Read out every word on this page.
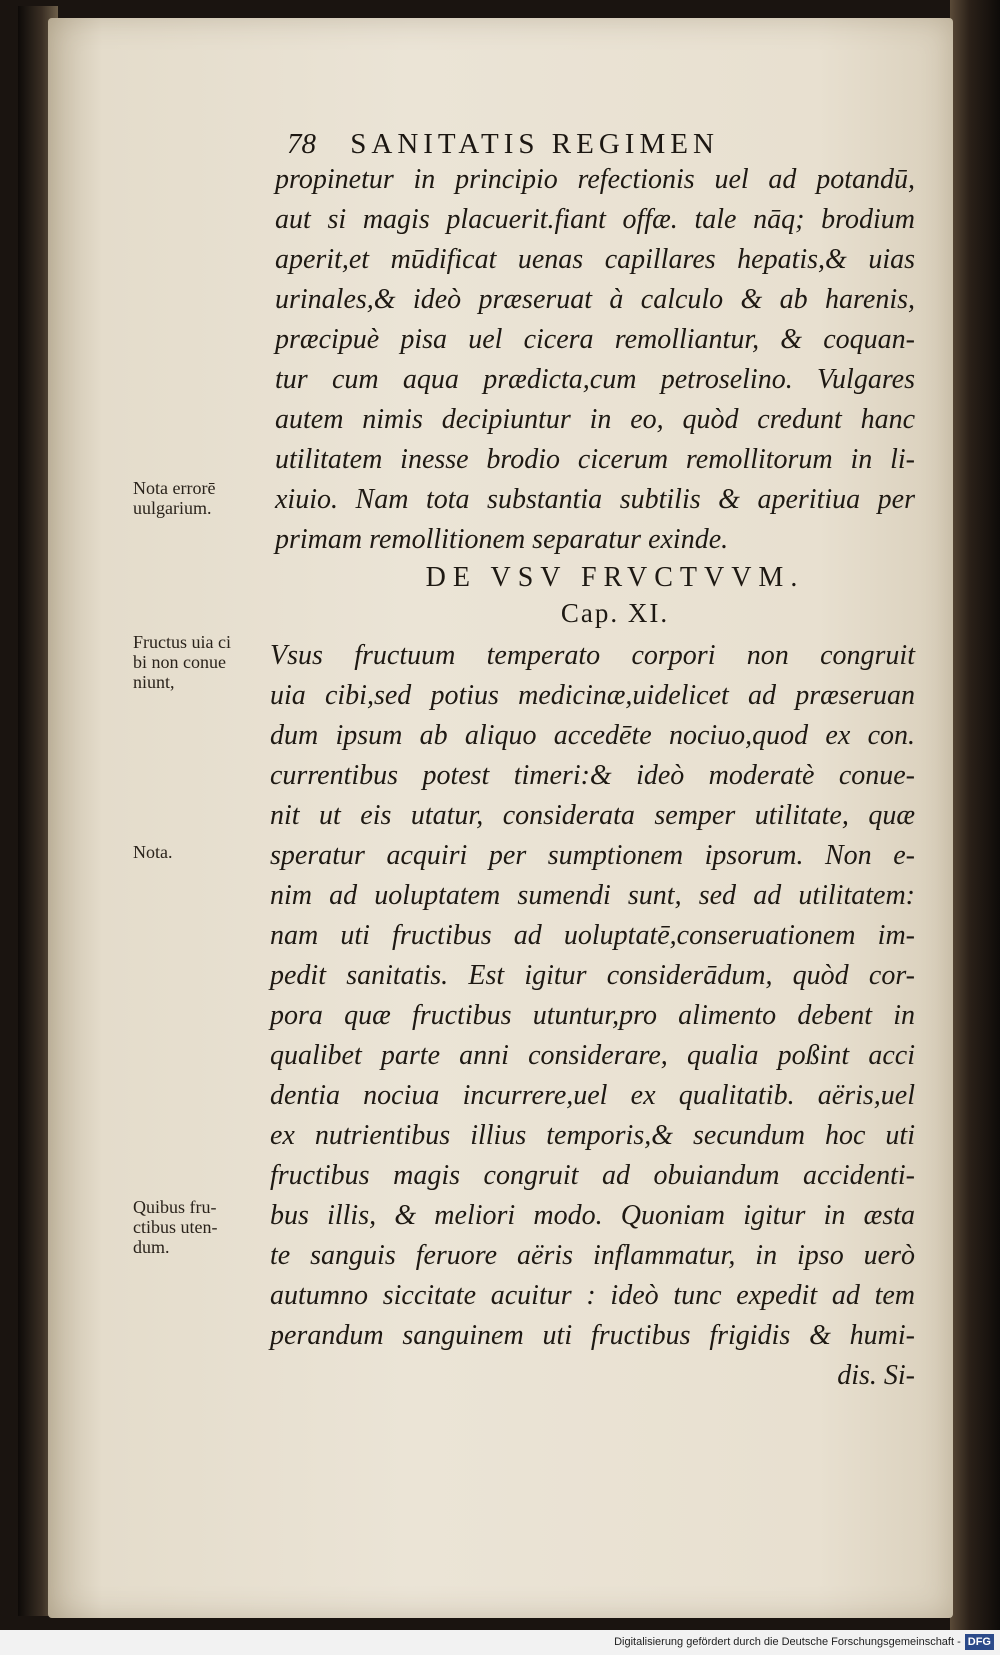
78 SANITATIS REGIMEN
propinetur in principio refectionis uel ad potandū,
aut si magis placuerit.fiant offæ. tale nāq; brodium
aperit,et mūdificat uenas capillares hepatis,& uias
urinales,& ideò præseruat à calculo & ab harenis,
præcipuè pisa uel cicera remolliantur, & coquan-
tur cum aqua prædicta,cum petroselino. Vulgares
autem nimis decipiuntur in eo, quòd credunt hanc
utilitatem inesse brodio cicerum remollitorum in li-
xiuio. Nam tota substantia subtilis & aperitiua per
primam remollitionem separatur exinde.
DE VSV FRVCTVVM.
Cap. XI.
Vsus fructuum temperato corpori non congruit
uia cibi,sed potius medicinæ,uidelicet ad præseruan
dum ipsum ab aliquo accedēte nociuo,quod ex con.
currentibus potest timeri:& ideò moderatè conue-
nit ut eis utatur, considerata semper utilitate, quæ
speratur acquiri per sumptionem ipsorum. Non e-
nim ad uoluptatem sumendi sunt, sed ad utilitatem:
nam uti fructibus ad uoluptatē,conseruationem im-
pedit sanitatis. Est igitur considerādum, quòd cor-
pora quæ fructibus utuntur,pro alimento debent in
qualibet parte anni considerare, qualia poßint acci
dentia nociua incurrere,uel ex qualitatib. aëris,uel
ex nutrientibus illius temporis,& secundum hoc uti
fructibus magis congruit ad obuiandum accidenti-
bus illis, & meliori modo. Quoniam igitur in æsta
te sanguis feruore aëris inflammatur, in ipso uerò
autumno siccitate acuitur : ideò tunc expedit ad tem
perandum sanguinem uti fructibus frigidis & humi-
dis. Si-
Nota errorē
uulgarium.
Fructus uia ci
bi non conue
niunt,
Nota.
Quibus fru-
ctibus uten-
dum.
Digitalisierung gefördert durch die Deutsche Forschungsgemeinschaft - DFG
